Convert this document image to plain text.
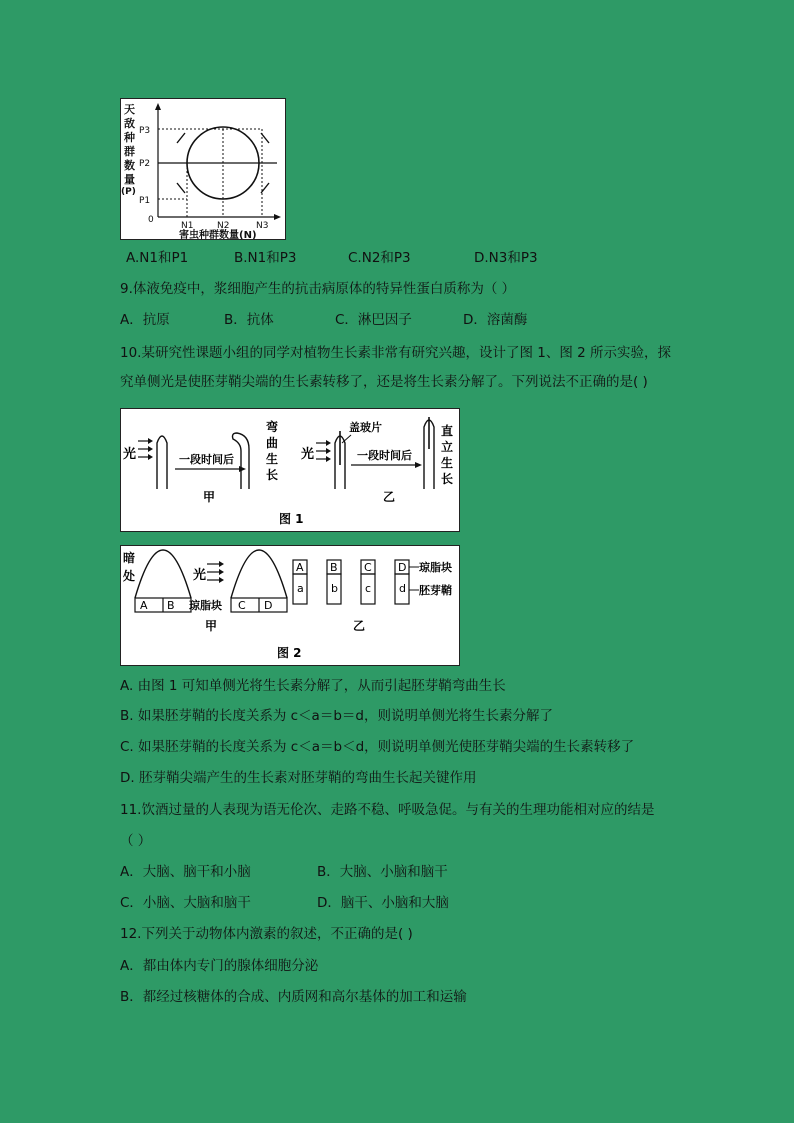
天
敌
种
群
数
量
(P)
P3
P2
P1
0
N1	N2	N3
害虫种群数量(N)
A.N1和P1	B.N1和P3	C.N2和P3	D.N3和P3
9.体液免疫中，浆细胞产生的抗击病原体的特异性蛋白质称为（ ）
A．抗原	B．抗体	C．淋巴因子	D．溶菌酶
10.某研究性课题小组的同学对植物生长素非常有研究兴趣，设计了图 1、图 2 所示实验，探
究单侧光是使胚芽鞘尖端的生长素转移了，还是将生长素分解了。下列说法不正确的是( )
光	一段时间后
弯
曲
生
长
甲
光
盖玻片
一段时间后
直
立
生
长
乙
图 1
暗
处
A B
光
琼脂块 C D
甲
A
a
B
b
C
c
D
d
琼脂块
胚芽鞘
乙
图 2
A. 由图 1 可知单侧光将生长素分解了，从而引起胚芽鞘弯曲生长
B. 如果胚芽鞘的长度关系为 c＜a＝b＝d，则说明单侧光将生长素分解了
C. 如果胚芽鞘的长度关系为 c＜a＝b＜d，则说明单侧光使胚芽鞘尖端的生长素转移了
D. 胚芽鞘尖端产生的生长素对胚芽鞘的弯曲生长起关键作用
11.饮酒过量的人表现为语无伦次、走路不稳、呼吸急促。与有关的生理功能相对应的结是
（ ）
A．大脑、脑干和小脑	B．大脑、小脑和脑干
C．小脑、大脑和脑干	D．脑干、小脑和大脑
12.下列关于动物体内激素的叙述，不正确的是( )
A．都由体内专门的腺体细胞分泌
B．都经过核糖体的合成、内质网和高尔基体的加工和运输
